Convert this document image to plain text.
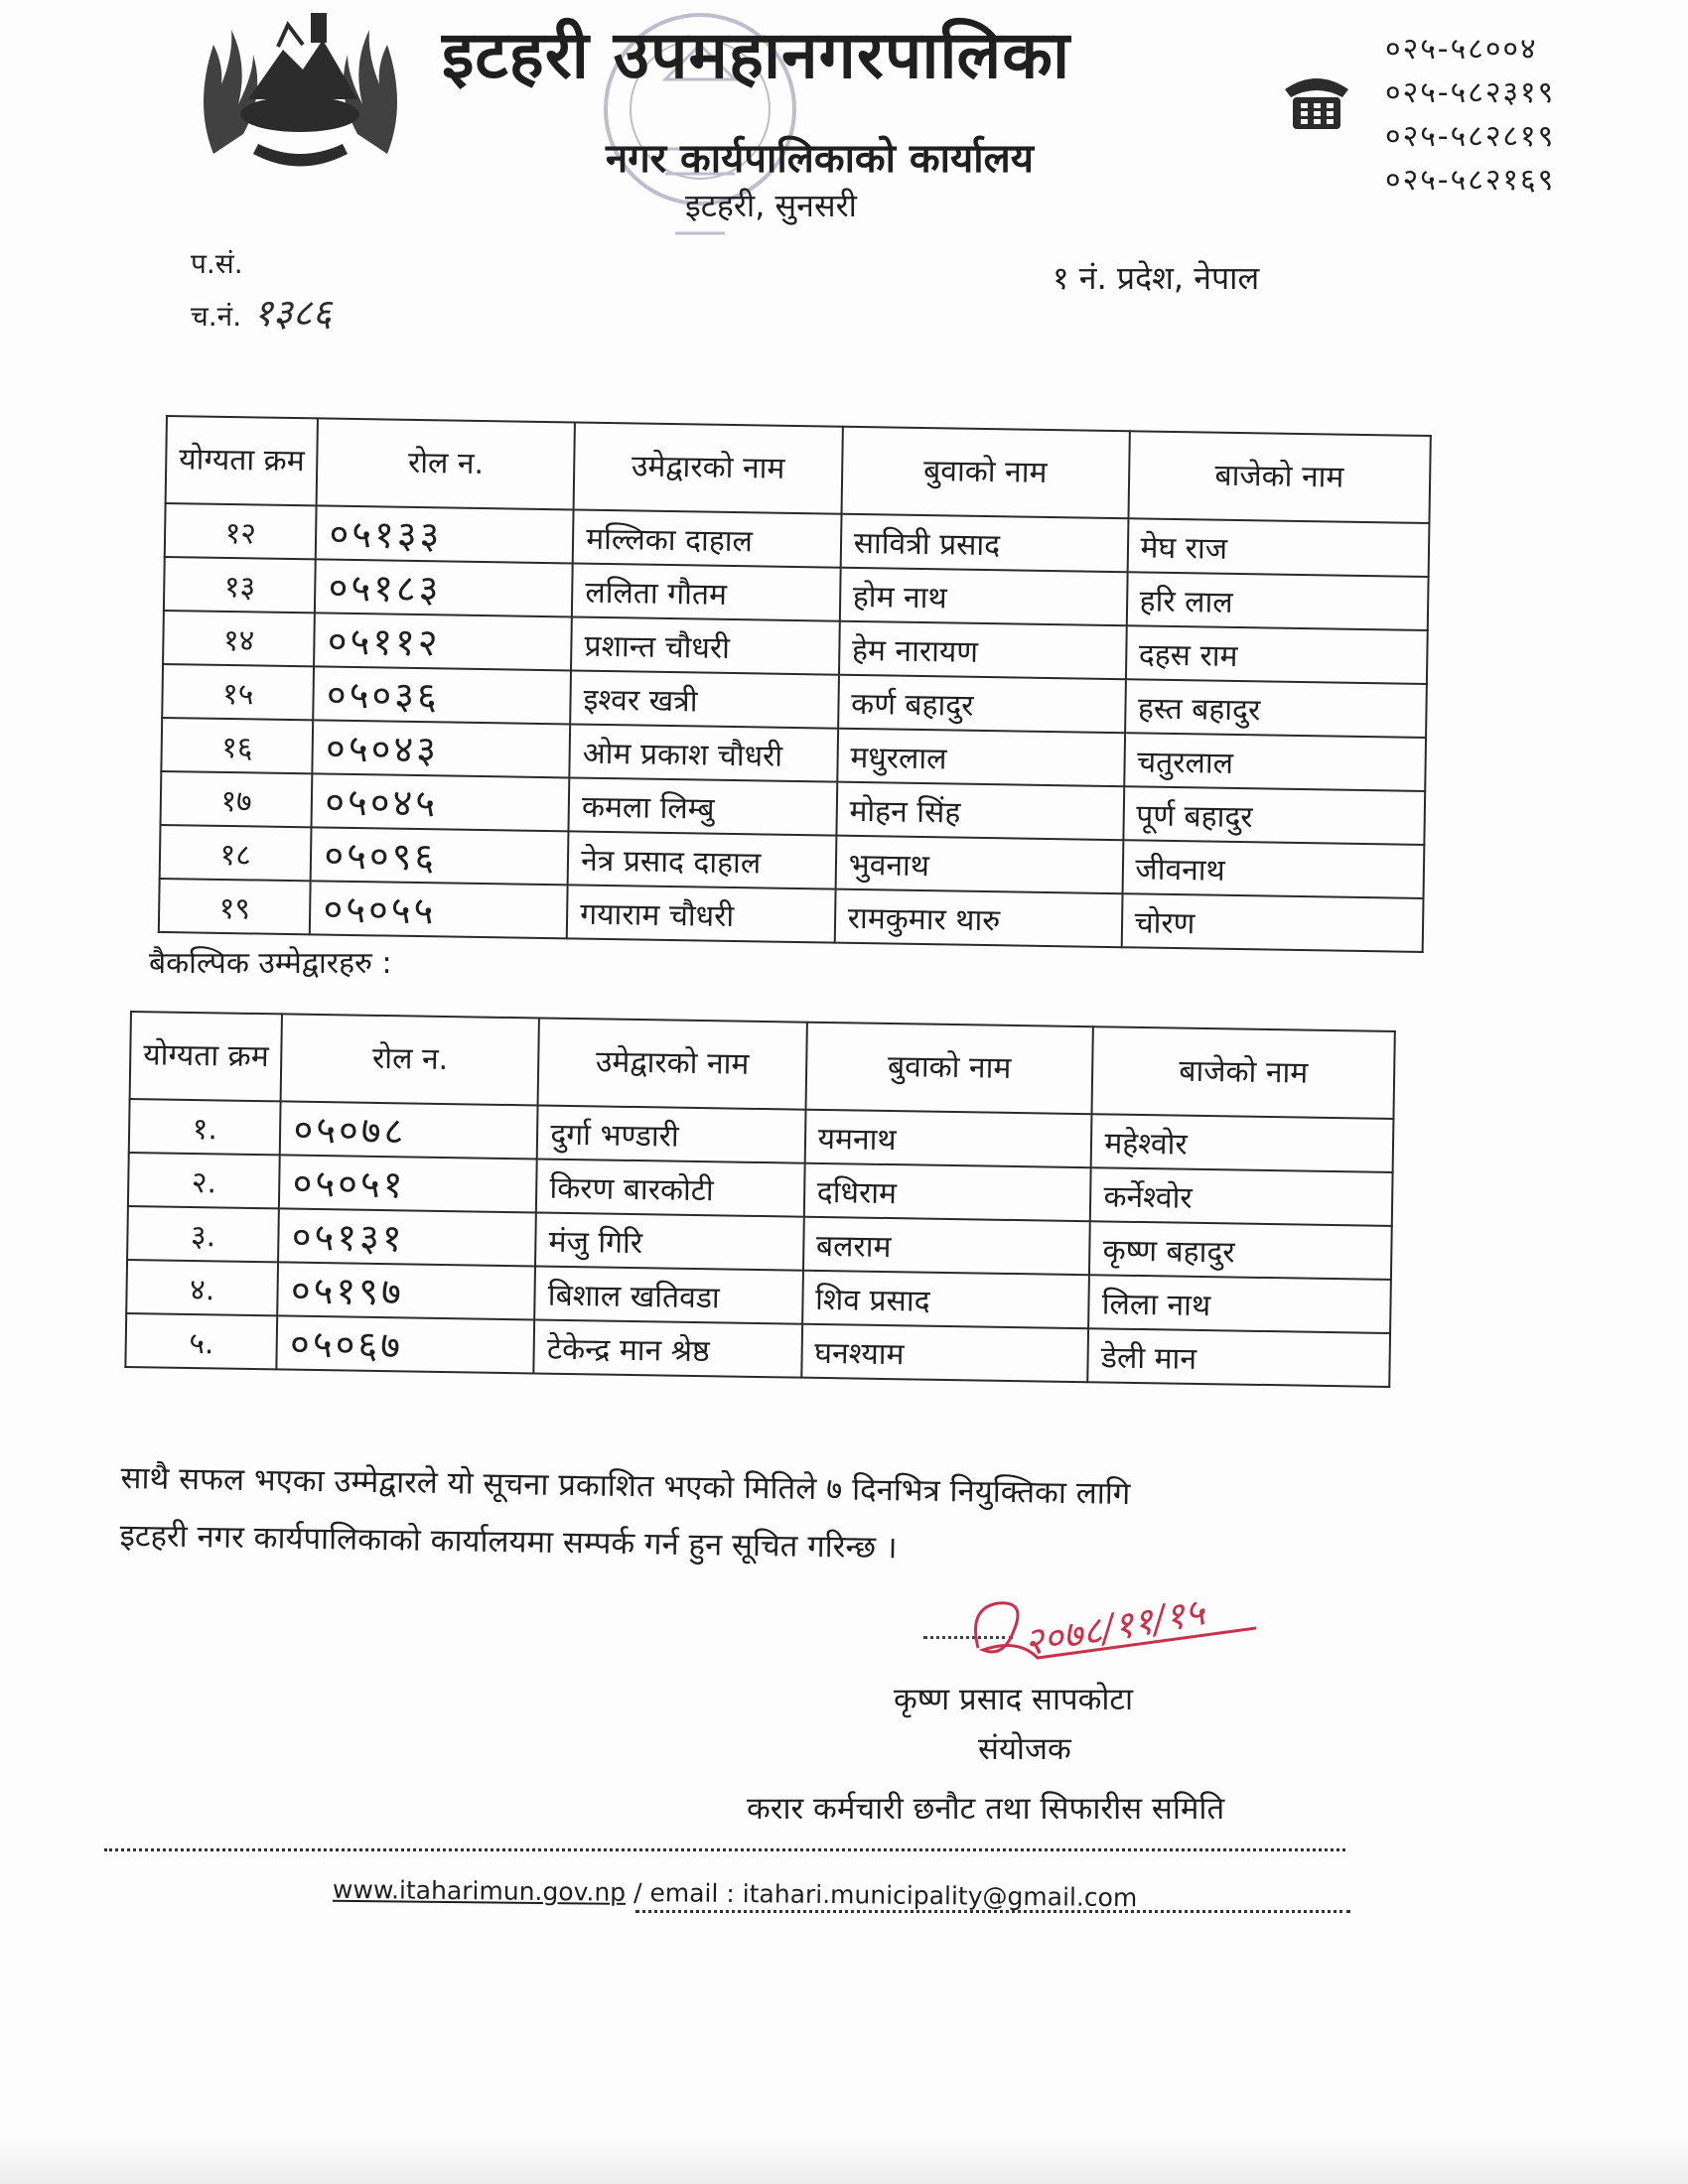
इटहरी उपमहानगरपालिका
नगर कार्यपालिकाको कार्यालय
इटहरी, सुनसरी
०२५-५८००४
०२५-५८२३१९
०२५-५८२८१९
०२५-५८२१६९
प.सं.
च.नं. १३८६
१ नं. प्रदेश, नेपाल
योग्यता क्रम	रोल न.	उमेद्वारको नाम	बुवाको नाम	बाजेको नाम
१२	०५१३३	मल्लिका दाहाल	सावित्री प्रसाद	मेघ राज
१३	०५१८३	ललिता गौतम	होम नाथ	हरि लाल
१४	०५११२	प्रशान्त चौधरी	हेम नारायण	दहस राम
१५	०५०३६	इश्वर खत्री	कर्ण बहादुर	हस्त बहादुर
१६	०५०४३	ओम प्रकाश चौधरी	मधुरलाल	चतुरलाल
१७	०५०४५	कमला लिम्बु	मोहन सिंह	पूर्ण बहादुर
१८	०५०९६	नेत्र प्रसाद दाहाल	भुवनाथ	जीवनाथ
१९	०५०५५	गयाराम चौधरी	रामकुमार थारु	चोरण
बैकल्पिक उम्मेद्वारहरु :
योग्यता क्रम	रोल न.	उमेद्वारको नाम	बुवाको नाम	बाजेको नाम
१.	०५०७८	दुर्गा भण्डारी	यमनाथ	महेश्वोर
२.	०५०५१	किरण बारकोटी	दधिराम	कर्नेश्वोर
३.	०५१३१	मंजु गिरि	बलराम	कृष्ण बहादुर
४.	०५१९७	बिशाल खतिवडा	शिव प्रसाद	लिला नाथ
५.	०५०६७	टेकेन्द्र मान श्रेष्ठ	घनश्याम	डेली मान

साथै सफल भएका उम्मेद्वारले यो सूचना प्रकाशित भएको मितिले ७ दिनभित्र नियुक्तिका लागि

इटहरी नगर कार्यपालिकाको कार्यालयमा सम्पर्क गर्न हुन सूचित गरिन्छ ।

२०७८/११/१५
कृष्ण प्रसाद सापकोटा
संयोजक
करार कर्मचारी छनौट तथा सिफारीस समिति
www.itaharimun.gov.np / email : itahari.municipality@gmail.com
